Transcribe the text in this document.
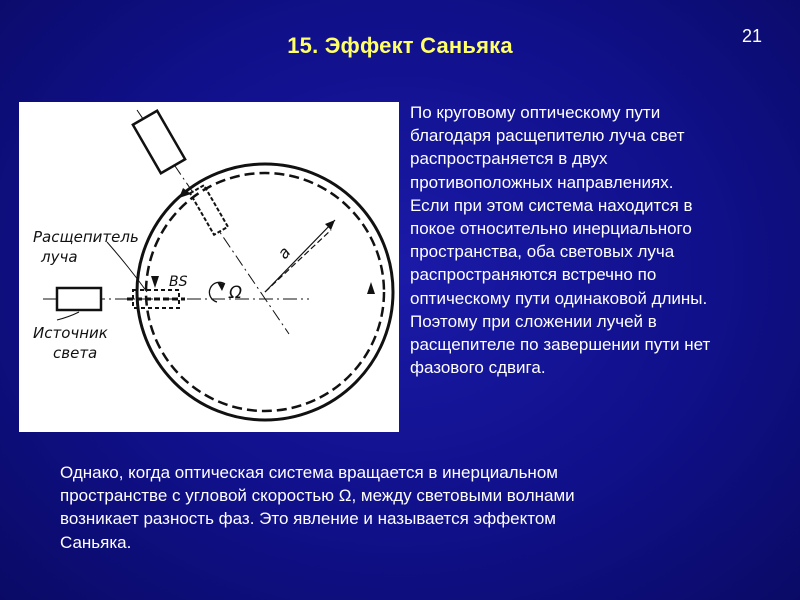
15. Эффект Саньяка	21
Расщепитель
луча
Источник
света
BS
Ω
a
По круговому оптическому пути
благодаря расщепителю луча свет
распространяется в двух
противоположных направлениях.
Если при этом система находится в
покое относительно инерциального
пространства, оба световых луча
распространяются встречно по
оптическому пути одинаковой длины.
Поэтому при сложении лучей в
расщепителе по завершении пути нет
фазового сдвига.
Однако, когда оптическая система вращается в инерциальном
пространстве с угловой скоростью Ω, между световыми волнами
возникает разность фаз. Это явление и называется эффектом
Саньяка.
